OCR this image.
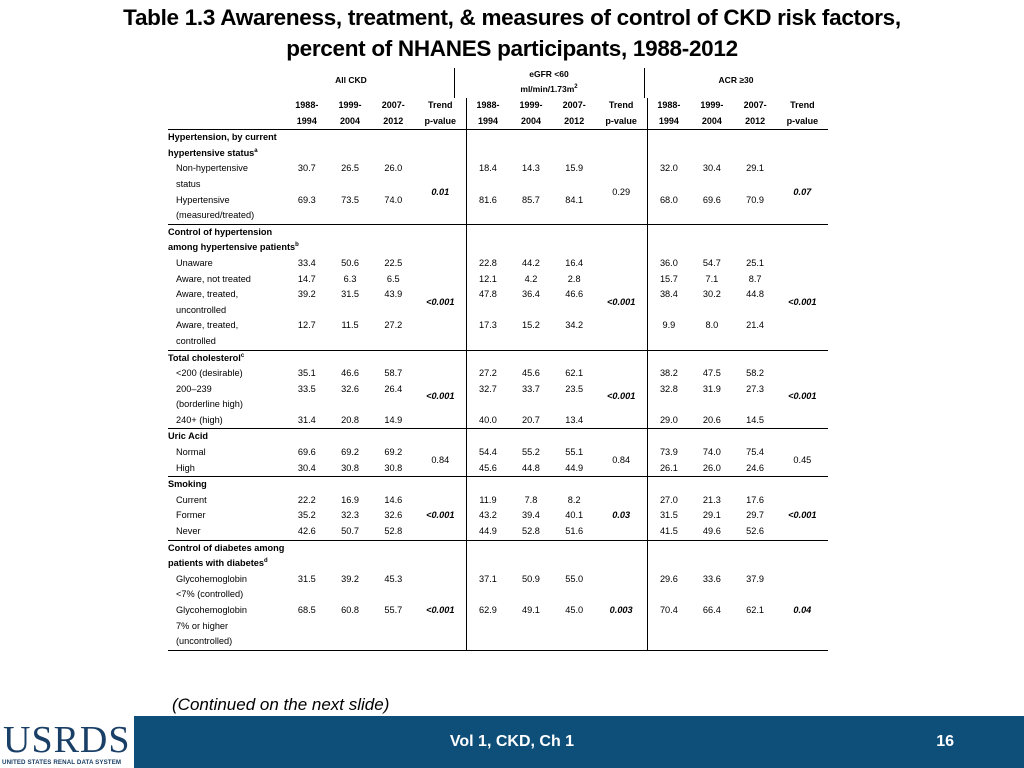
Table 1.3 Awareness, treatment, & measures of control of CKD risk factors,
percent of NHANES participants, 1988-2012
All CKD
eGFR <60
$ml/\min/1.73m^2$
ACR ≥30
	1988-	1999-	2007-	Trend	1988-	1999-	2007-	Trend	1988-	1999-	2007-	Trend
	1994	2004	2012	p-value	1994	2004	2012	p-value	1994	2004	2012	p-value
Hypertension, by current												
hypertensive status$^a$												
Non-hypertensive	30.7	26.5	26.0	0.01	18.4	14.3	15.9	0.29	32.0	30.4	29.1	0.07

status												
Hypertensive	69.3	73.5	74.0		81.6	85.7	84.1		68.0	69.6	70.9	
(measured/treated)												
Control of hypertension												
among hypertensive patients$^b$												
Unaware	33.4	50.6	22.5	<0.001	22.8	44.2	16.4	<0.001	36.0	54.7	25.1	<0.001

Aware, not treated	14.7	6.3	6.5		12.1	4.2	2.8		15.7	7.1	8.7	
Aware, treated,	39.2	31.5	43.9		47.8	36.4	46.6		38.4	30.2	44.8	
uncontrolled												
Aware, treated,	12.7	11.5	27.2		17.3	15.2	34.2		9.9	8.0	21.4	
controlled												
Total cholesterol$^c$												
<200 (desirable)	35.1	46.6	58.7	<0.001	27.2	45.6	62.1	<0.001	38.2	47.5	58.2	<0.001

200–239	33.5	32.6	26.4		32.7	33.7	23.5		32.8	31.9	27.3	
(borderline high)												
240+ (high)	31.4	20.8	14.9		40.0	20.7	13.4		29.0	20.6	14.5	
Uric Acid												
Normal	69.6	69.2	69.2	0.84	54.4	55.2	55.1	0.84	73.9	74.0	75.4	0.45

High	30.4	30.8	30.8		45.6	44.8	44.9		26.1	26.0	24.6	
Smoking												
Current	22.2	16.9	14.6	<0.001	11.9	7.8	8.2	0.03	27.0	21.3	17.6	<0.001

Former	35.2	32.3	32.6		43.2	39.4	40.1		31.5	29.1	29.7	
Never	42.6	50.7	52.8		44.9	52.8	51.6		41.5	49.6	52.6	
Control of diabetes among												
patients with diabetes$^d$												
Glycohemoglobin	31.5	39.2	45.3	<0.001	37.1	50.9	55.0	0.003	29.6	33.6	37.9	0.04

<7% (controlled)												
Glycohemoglobin	68.5	60.8	55.7		62.9	49.1	45.0		70.4	66.4	62.1	
7% or higher												
(uncontrolled)												
(Continued on the next slide)
USRDS
UNITED STATES RENAL DATA SYSTEM
Vol 1, CKD, Ch 1	16
